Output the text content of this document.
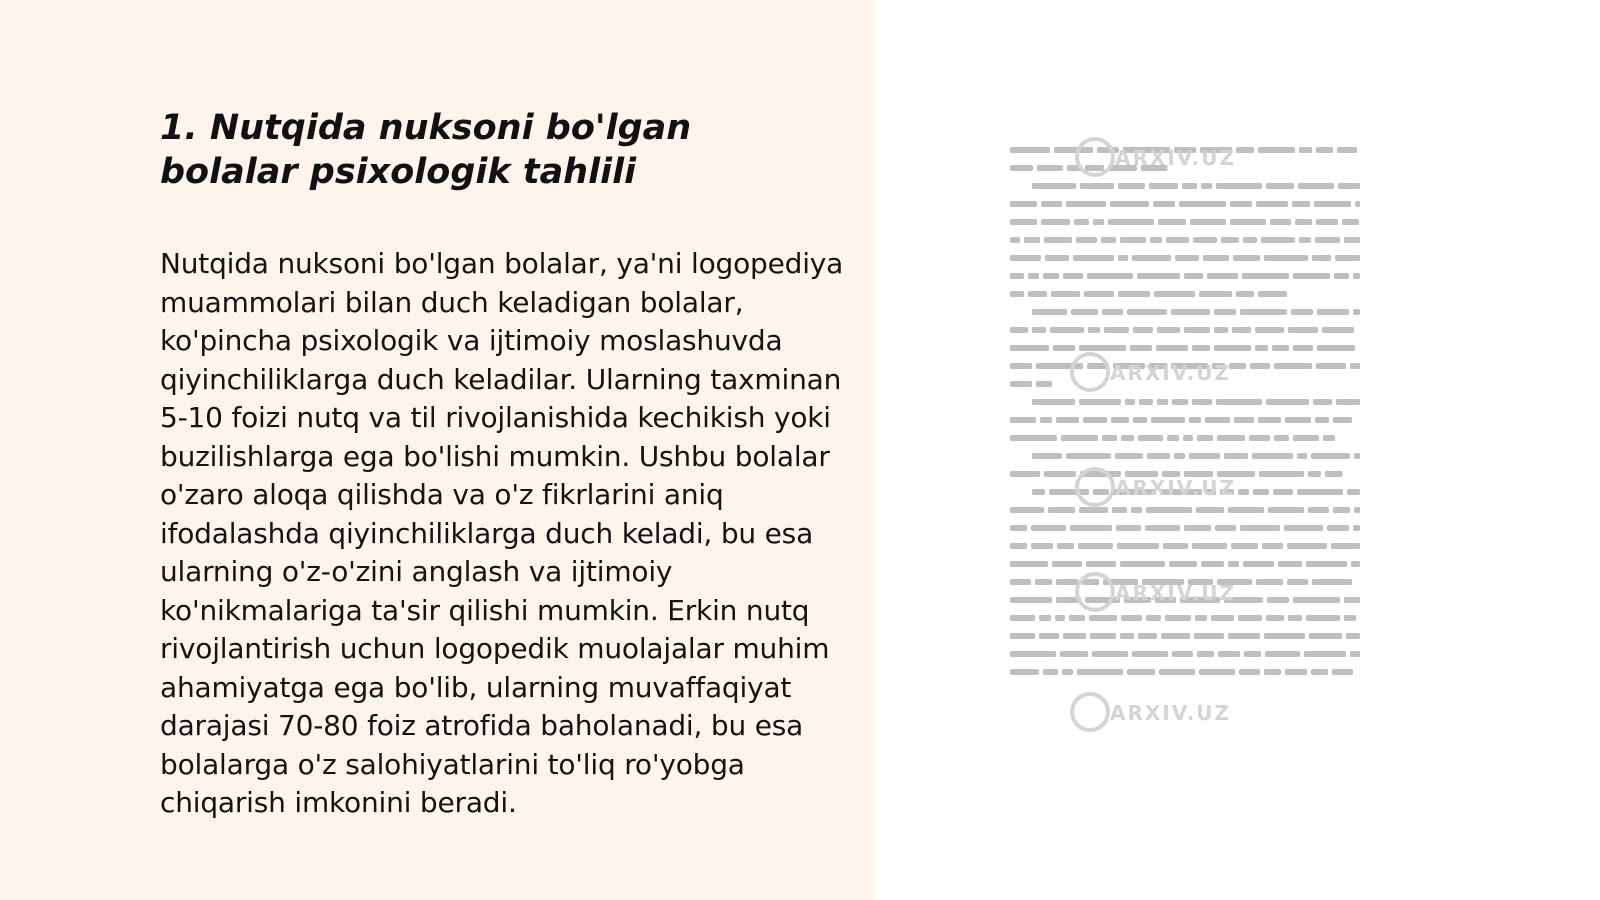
1. Nutqida nuksoni bo'lgan bolalar psixologik tahlili

Nutqida nuksoni bo'lgan bolalar, ya'ni logopediya muammolari bilan duch keladigan bolalar, ko'pincha psixologik va ijtimoiy moslashuvda qiyinchiliklarga duch keladilar. Ularning taxminan 5-10 foizi nutq va til rivojlanishida kechikish yoki buzilishlarga ega bo'lishi mumkin. Ushbu bolalar o'zaro aloqa qilishda va o'z fikrlarini aniq ifodalashda qiyinchiliklarga duch keladi, bu esa ularning o'z-o'zini anglash va ijtimoiy ko'nikmalariga ta'sir qilishi mumkin. Erkin nutq rivojlantirish uchun logopedik muolajalar muhim ahamiyatga ega bo'lib, ularning muvaffaqiyat darajasi 70-80 foiz atrofida baholanadi, bu esa bolalarga o'z salohiyatlarini to'liq ro'yobga chiqarish imkonini beradi.

ARXIV.UZ
ARXIV.UZ
ARXIV.UZ
ARXIV.UZ
ARXIV.UZ
